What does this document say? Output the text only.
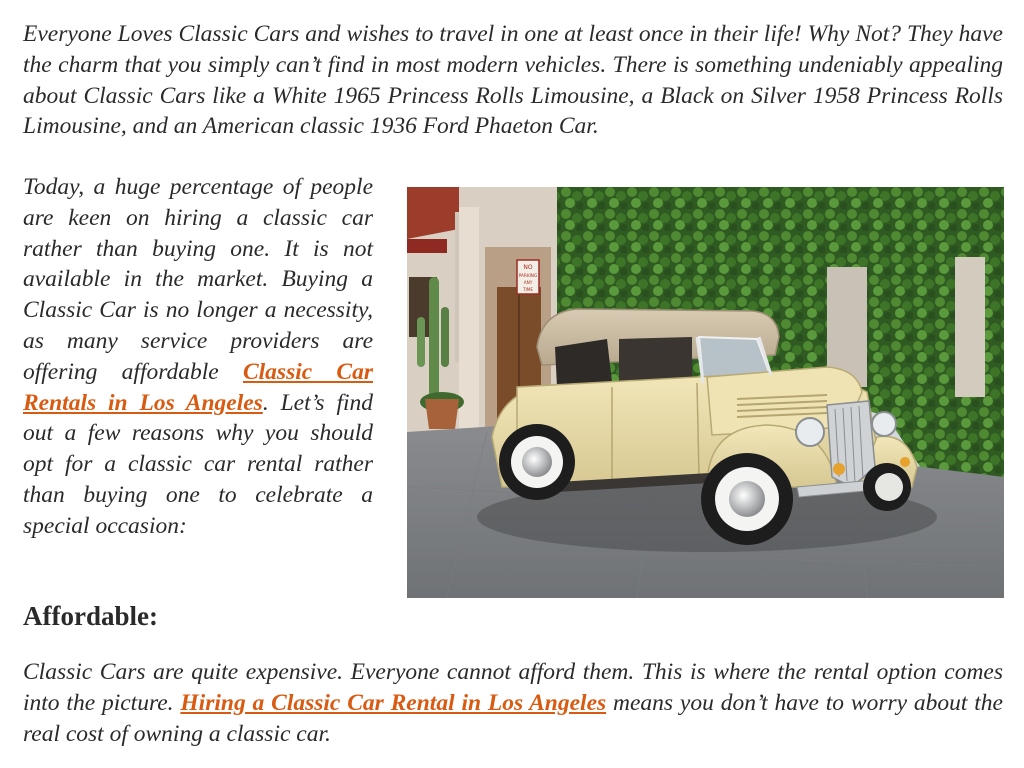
Everyone Loves Classic Cars and wishes to travel in one at least once in their life! Why Not? They have the charm that you simply can’t find in most modern vehicles. There is something undeniably appealing about Classic Cars like a White 1965 Princess Rolls Limousine, a Black on Silver 1958 Princess Rolls Limousine, and an American classic 1936 Ford Phaeton Car.

Today, a huge percentage of people are keen on hiring a classic car rather than buying one. It is not available in the market. Buying a Classic Car is no longer a necessity, as many service providers are offering affordable Classic Car Rentals in Los Angeles. Let’s find out a few reasons why you should opt for a classic car rental rather than buying one to celebrate a special occasion:

NO
PARKING
ANY
TIME
Affordable:

Classic Cars are quite expensive. Everyone cannot afford them. This is where the rental option comes into the picture. Hiring a Classic Car Rental in Los Angeles means you don’t have to worry about the real cost of owning a classic car.
